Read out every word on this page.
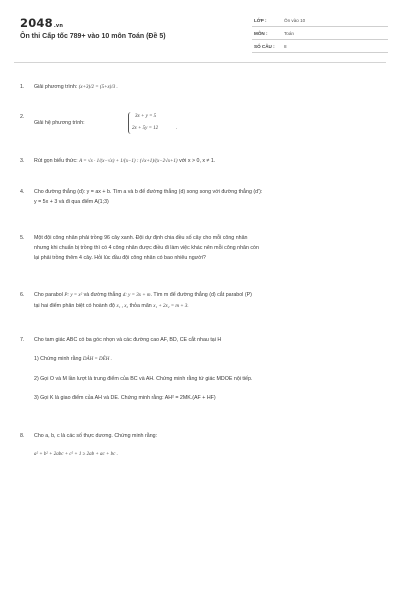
2048.vn
Ôn thi Cấp tốc 789+ vào 10 môn Toán (Đề 5)
LỚP :	Ôn vào 10
MÔN :	Toán
SỐ CÂU : 8
1. Giải phương trình: (x+3)/2 = (5+x)/3 .
2.
Giải hệ phương trình:
3x + y = 5
2x + 5y = 12	.
3. Rút gọn biểu thức: A = √x · 1/(x−√x) + 1/(x−1) : (√x+1)/(x−2√x+1) với x > 0, x ≠ 1.
4. Cho đường thẳng (d): y = ax + b. Tìm a và b để đường thẳng (d) song song với đường thẳng (d'):
y = 5x + 3 và đi qua điểm A(1;3)
5. Một đội công nhân phải trồng 96 cây xanh. Đội dự định chia đều số cây cho mỗi công nhân
nhưng khi chuẩn bị trồng thì có 4 công nhân được điều đi làm việc khác nên mỗi công nhân còn
lại phải trồng thêm 4 cây. Hỏi lúc đầu đội công nhân có bao nhiêu người?
6. Cho parabol P: y = x² và đường thẳng d: y = 3x + m. Tìm m để đường thẳng (d) cắt parabol (P)
tại hai điểm phân biệt có hoành độ x₁ , x₂ thỏa mãn x₁ + 2x₂ = m + 3.
7. Cho tam giác ABC có ba góc nhọn và các đường cao AF, BD, CE cắt nhau tại H
1) Chứng minh rằng DÂH = DÊH .
2) Gọi O và M lần lượt là trung điểm của BC và AH. Chứng minh rằng tứ giác MDOE nội tiếp.
3) Gọi K là giao điểm của AH và DE. Chứng minh rằng: AH² = 2MK.(AF + HF)
8. Cho a, b, c là các số thực dương. Chứng minh rằng:
a² + b² + 2abc + c² + 1 ≥ 2ab + ac + bc .
